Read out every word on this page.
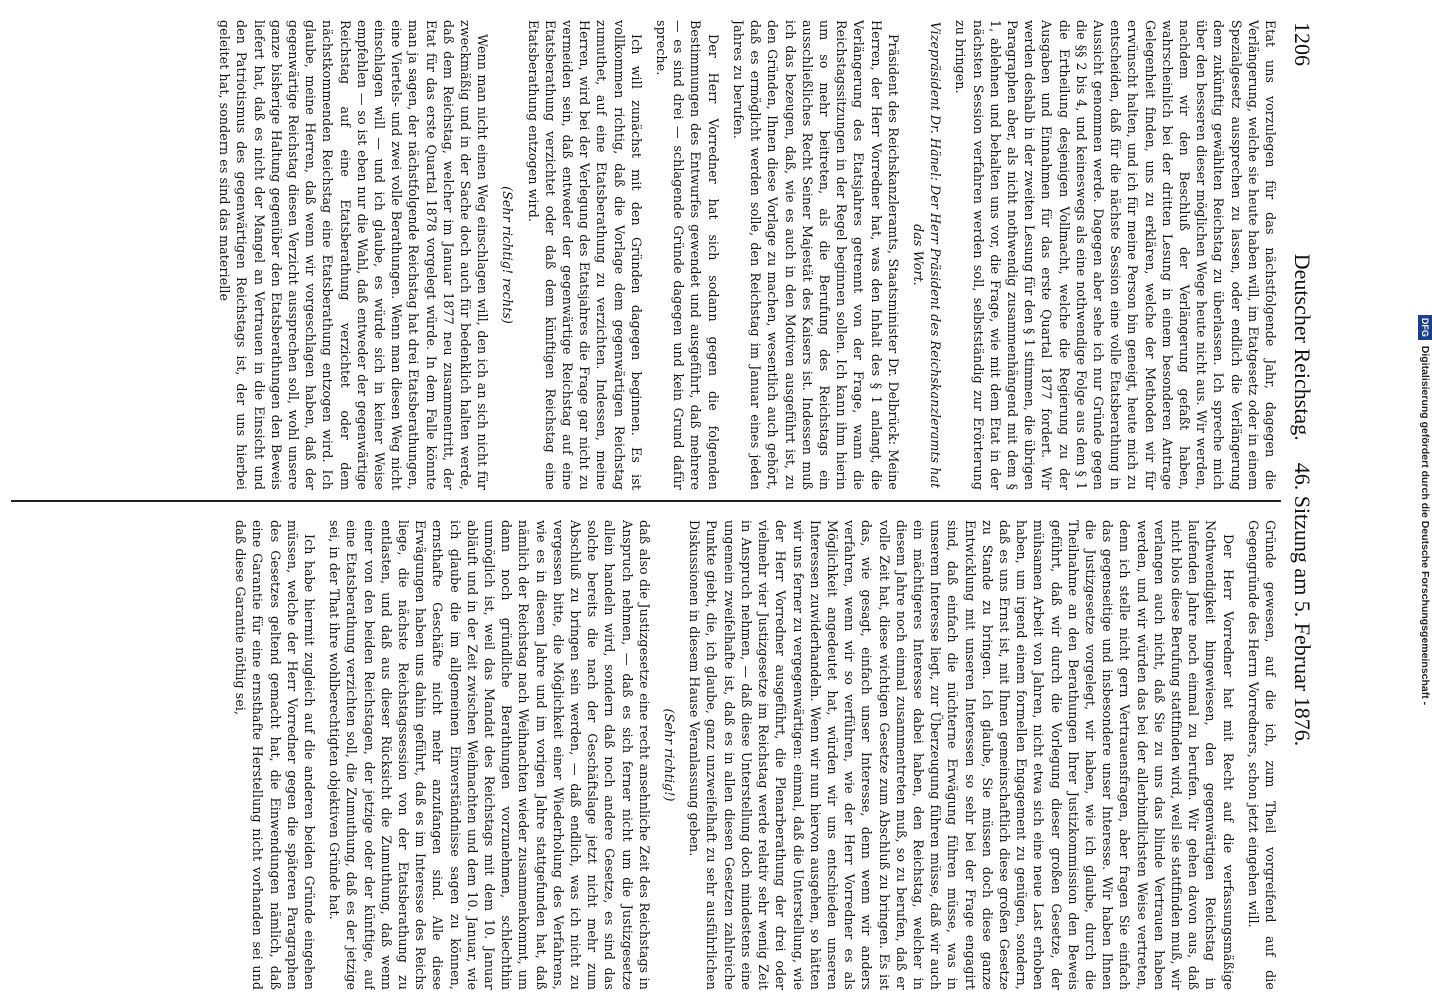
1206
Deutscher Reichstag.    46. Sitzung am 5. Februar 1876.

Etat uns vorzulegen für das nächstfolgende Jahr, dagegen die Verlängerung, welche sie heute haben will, im Etatgesetz oder in einem Spezialgesetz aussprechen zu lassen, oder endlich die Verlängerung dem zukünftig gewählten Reichstag zu überlassen. Ich spreche mich über den besseren dieser möglichen Wege heute nicht aus. Wir werden, nachdem wir den Beschluß der Verlängerung gefaßt haben, wahrscheinlich bei der dritten Lesung in einem besonderen Antrage Gelegenheit finden, uns zu erklären, welche der Methoden wir für erwünscht halten, und ich für meine Person bin geneigt, heute mich zu entscheiden, daß für die nächste Session eine volle Etatsberathung in Aussicht genommen werde. Dagegen aber sehe ich nur Gründe gegen die §§ 2 bis 4, und keineswegs als eine nothwendige Folge aus dem § 1 die Ertheilung desjenigen Vollmacht, welche die Regierung zu der Ausgaben und Einnahmen für das erste Quartal 1877 fordert. Wir werden deshalb in der zweiten Lesung für den § 1 stimmen, die übrigen Paragraphen aber, als nicht nothwendig zusammenhängend mit dem § 1, ablehnen und behalten uns vor, die Frage, wie mit dem Etat in der nächsten Session verfahren werden soll, selbstständig zur Erörterung zu bringen.

Vizepräsident Dr. Hänel: Der Herr Präsident des Reichskanzleramts hat das Wort.

Präsident des Reichskanzleramts, Staatsminister Dr. Delbrück: Meine Herren, der Herr Vorredner hat, was den Inhalt des § 1 anlangt, die Verlängerung des Etatsjahres getrennt von der Frage, wann die Reichstagssitzungen in der Regel beginnen sollen. Ich kann ihm hierin um so mehr beitreten, als die Berufung des Reichstags ein ausschließliches Recht Seiner Majestät des Kaisers ist. Indessen muß ich das bezeugen, daß, wie es auch in den Motiven ausgeführt ist, zu den Gründen, Ihnen diese Vorlage zu machen, wesentlich auch gehört, daß es ermöglicht werden solle, den Reichstag im Januar eines jeden Jahres zu berufen.

Der Herr Vorredner hat sich sodann gegen die folgenden Bestimmungen des Entwurfes gewendet und ausgeführt, daß mehrere — es sind drei — schlagende Gründe dagegen und kein Grund dafür spreche.

Ich will zunächst mit den Gründen dagegen beginnen. Es ist vollkommen richtig, daß die Vorlage dem gegenwärtigen Reichstag zumuthet, auf eine Etatsberathung zu verzichten. Indessen, meine Herren, wird bei der Verlegung des Etatsjahres die Frage gar nicht zu vermeiden sein, daß entweder der gegenwärtige Reichstag auf eine Etatsberathung verzichtet oder daß dem künftigen Reichstag eine Etatsberathung entzogen wird.

(Sehr richtig! rechts)

Wenn man nicht einen Weg einschlagen will, den ich an sich nicht für zweckmäßig und in der Sache doch auch für bedenklich halten werde, daß dem Reichstag, welcher im Januar 1877 neu zusammentritt, der Etat für das erste Quartal 1878 vorgelegt würde. In dem Falle könnte man ja sagen, der nächstfolgende Reichstag hat drei Etatsberathungen, eine Viertels- und zwei volle Berathungen. Wenn man diesen Weg nicht einschlagen will — und ich glaube, es würde sich in keiner Weise empfehlen — so ist eben nur die Wahl, daß entweder der gegenwärtige Reichstag auf eine Etatsberathung verzichtet oder dem nächstkommenden Reichstag eine Etatsberathung entzogen wird. Ich glaube, meine Herren, daß wenn wir vorgeschlagen haben, daß der gegenwärtige Reichstag diesen Verzicht aussprechen soll, wohl unsere ganze bisherige Haltung gegenüber den Etatsberathungen den Beweis liefert hat, daß es nicht der Mangel an Vertrauen in die Einsicht und den Patriotismus des gegenwärtigen Reichstags ist, der uns hierbei geleitet hat, sondern es sind das materielle

Gründe gewesen, auf die ich, zum Theil vorgreifend auf die Gegengründe des Herrn Vorredners, schon jetzt eingehen will.

Der Herr Vorredner hat mit Recht auf die verfassungsmäßige Nothwendigkeit hingewiesen, den gegenwärtigen Reichstag in laufenden Jahre noch einmal zu berufen. Wir gehen davon aus, daß nicht blos diese Berufung stattfinden wird, weil sie stattfinden muß, wir verlangen auch nicht, daß Sie zu uns das blinde Vertrauen haben werden, und wir würden das bei der allerbindlichsten Weise vertreten, denn ich stelle nicht gern Vertrauensfragen, aber fragen Sie einfach das gegenseitige und insbesondere unser Interesse. Wir haben Ihnen die Justizgesetze vorgelegt, wir haben, wie ich glaube, durch die Theilnahme an den Berathungen Ihrer Justizkommission den Beweis geführt, daß wir durch die Vorlegung dieser großen Gesetze, der mühsamen Arbeit von Jahren, nicht etwa sich eine neue Last erhoben haben, um irgend einem formellen Engagement zu genügen, sondern, daß es uns Ernst ist, mit Ihnen gemeinschaftlich diese großen Gesetze zu Stande zu bringen. Ich glaube, Sie müssen doch diese ganze Entwicklung mit unseren Interessen so sehr bei der Frage engagirt sind, daß einfach die nüchterne Erwägung führen müsse, was in unserem Interesse liegt, zur Überzeugung führen müsse, daß wir auch ein mächtigeres Interesse dabei haben, den Reichstag, welcher in diesem Jahre noch einmal zusammentreten muß, so zu berufen, daß er volle Zeit hat, diese wichtigen Gesetze zum Abschluß zu bringen. Es ist das, wie gesagt, einfach unser Interesse, denn wenn wir anders verfahren, wenn wir so verführen, wie der Herr Vorredner es als Möglichkeit angedeutet hat, würden wir uns entschieden unseren Interessen zuwiderhandeln. Wenn wir nun hiervon ausgehen, so hätten wir uns ferner zu vergegenwärtigen: einmal, daß die Unterstellung, wie der Herr Vorredner ausgeführt, die Plenarberathung der drei oder vielmehr vier Justizgesetze im Reichstag werde relativ sehr wenig Zeit in Anspruch nehmen, — daß diese Unterstellung doch mindestens eine ungemein zweifelhafte ist, daß es in allen diesen Gesetzen zahlreiche Punkte giebt, die, ich glaube, ganz unzweifelhaft zu sehr ausführlichen Diskussionen in diesem Hause Veranlassung geben.

(Sehr richtig!)

daß also die Justizgesetze eine recht ansehnliche Zeit des Reichstags in Anspruch nehmen, — daß es sich ferner nicht um die Justizgesetze allein handeln wird, sondern daß noch andere Gesetze, es sind das solche bereits die nach der Geschäftslage jetzt nicht mehr zum Abschluß zu bringen sein werden, — daß endlich, was ich nicht zu vergessen bitte, die Möglichkeit einer Wiederholung des Verfahrens, wie es in diesem Jahre und im vorigen Jahre stattgefunden hat, daß nämlich der Reichstag nach Weihnachten wieder zusammenkommt, um dann noch gründliche Berathungen vorzunehmen, schlechthin unmöglich ist, weil das Mandat des Reichstags mit dem 10. Januar abläuft und in der Zeit zwischen Weihnachten und dem 10. Januar, wie ich glaube die im allgemeinen Einverständnisse sagen zu können, ernsthafte Geschäfte nicht mehr anzufangen sind. Alle diese Erwägungen haben uns dahin geführt, daß es im Interesse des Reichs liege, die nächste Reichstagssession von der Etatsberathung zu entlasten, und daß aus dieser Rücksicht die Zumuthung, daß wenn einer von den beiden Reichstagen, der jetzige oder der künftige, auf eine Etatsberathung verzichten soll, die Zumuthung, daß es der jetzige sei, in der That ihre wohlberechtigten objektiven Gründe hat.

Ich habe hiermit zugleich auf die anderen beiden Gründe eingehen müssen, welche der Herr Vorredner gegen die späteren Paragraphen des Gesetzes geltend gemacht hat, die Einwendungen nämlich, daß eine Garantie für eine ernsthafte Herstellung nicht vorhanden sei und daß diese Garantie nöthig sei,

DFG Digitalisierung gefördert durch die Deutsche Forschungsgemeinschaft -
